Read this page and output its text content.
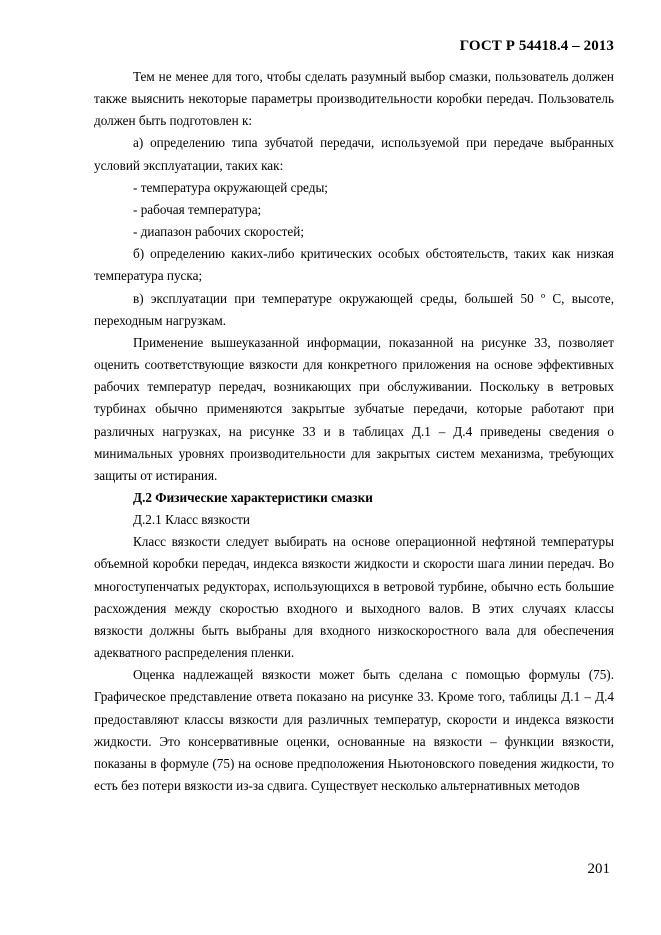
ГОСТ Р 54418.4 – 2013

Тем не менее для того, чтобы сделать разумный выбор смазки, пользователь должен также выяснить некоторые параметры производительности коробки передач. Пользователь должен быть подготовлен к:

а) определению типа зубчатой передачи, используемой при передаче выбранных условий эксплуатации, таких как:

- температура окружающей среды;

- рабочая температура;

- диапазон рабочих скоростей;

б) определению каких-либо критических особых обстоятельств, таких как низкая температура пуска;

в) эксплуатации при температуре окружающей среды, большей 50 º С, высоте, переходным нагрузкам.

Применение вышеуказанной информации, показанной на рисунке 33, позволяет оценить соответствующие вязкости для конкретного приложения на основе эффективных рабочих температур передач, возникающих при обслуживании. Поскольку в ветровых турбинах обычно применяются закрытые зубчатые передачи, которые работают при различных нагрузках, на рисунке 33 и в таблицах Д.1 – Д.4 приведены сведения о минимальных уровнях производительности для закрытых систем механизма, требующих защиты от истирания.

Д.2 Физические характеристики смазки

Д.2.1 Класс вязкости

Класс вязкости следует выбирать на основе операционной нефтяной температуры объемной коробки передач, индекса вязкости жидкости и скорости шага линии передач. Во многоступенчатых редукторах, использующихся в ветровой турбине, обычно есть большие расхождения между скоростью входного и выходного валов. В этих случаях классы вязкости должны быть выбраны для входного низкоскоростного вала для обеспечения адекватного распределения пленки.

Оценка надлежащей вязкости может быть сделана с помощью формулы (75). Графическое представление ответа показано на рисунке 33. Кроме того, таблицы Д.1 – Д.4 предоставляют классы вязкости для различных температур, скорости и индекса вязкости жидкости. Это консервативные оценки, основанные на вязкости – функции вязкости, показаны в формуле (75) на основе предположения Ньютоновского поведения жидкости, то есть без потери вязкости из-за сдвига. Существует несколько альтернативных методов

201
